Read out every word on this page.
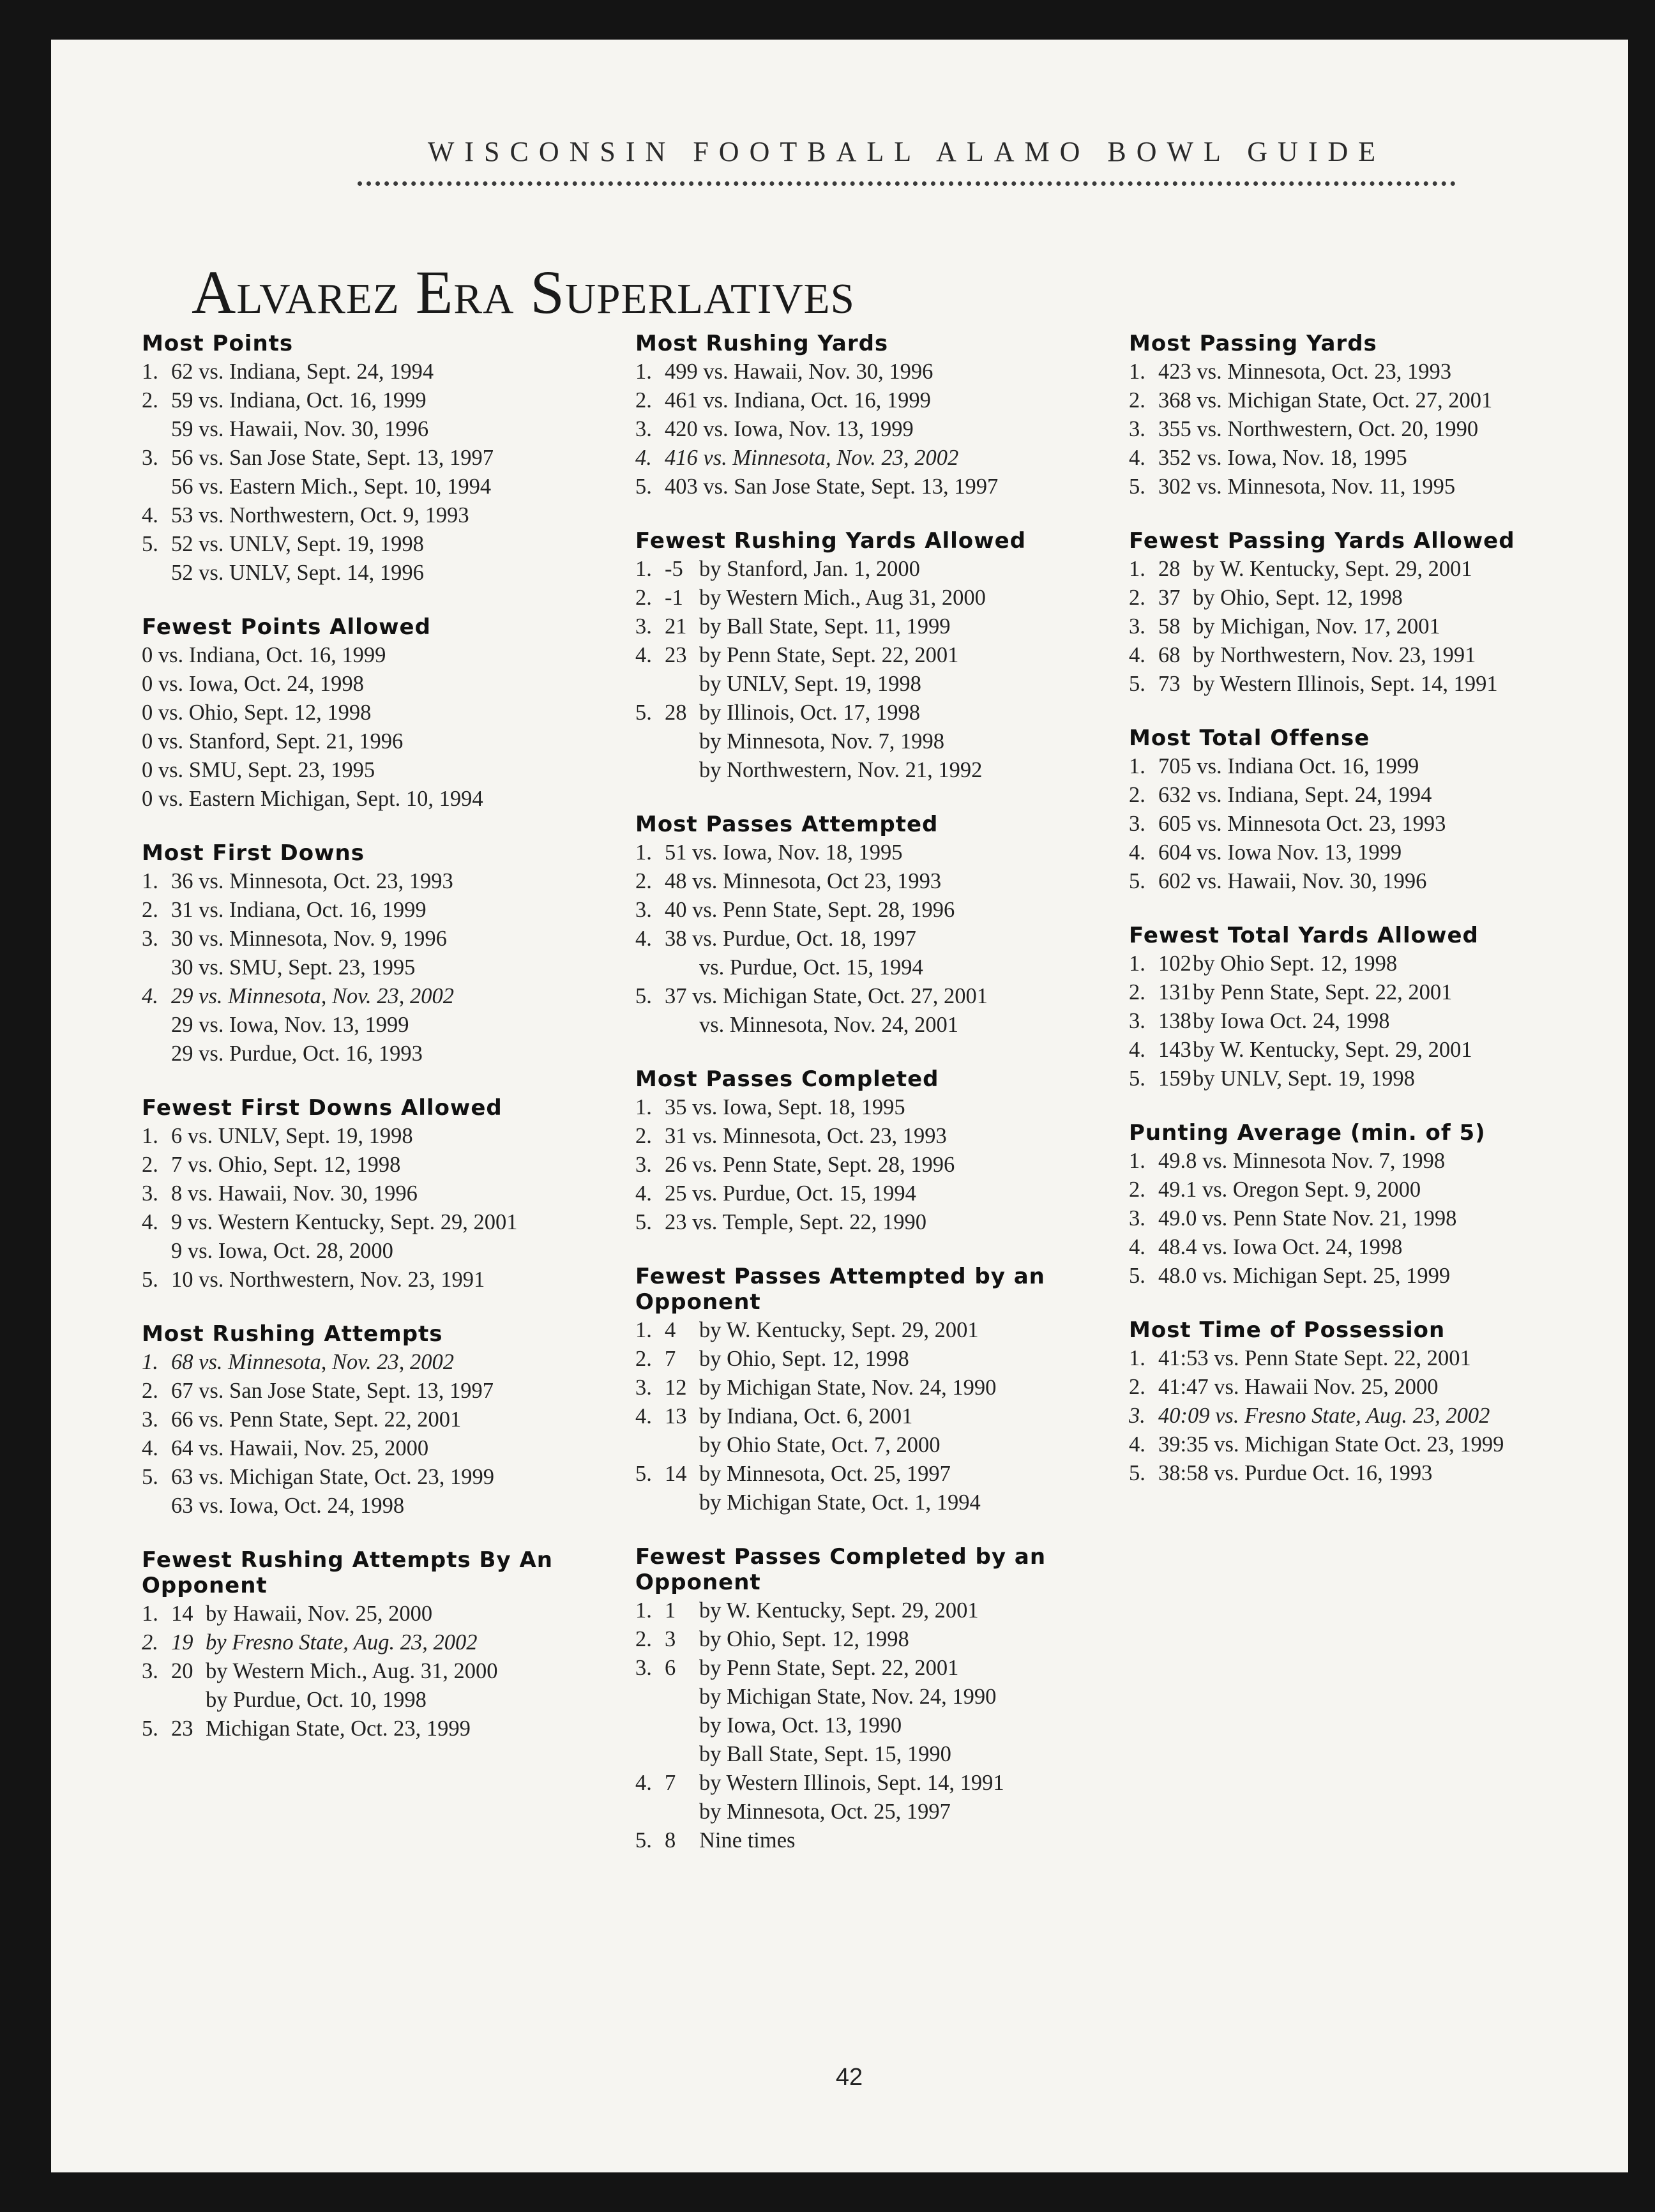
WISCONSIN FOOTBALL ALAMO BOWL GUIDE
Alvarez Era Superlatives
Most Points
1 . 62 vs. Indiana, Sept. 24, 1994
2 . 59 vs. Indiana, Oct. 16, 1999
59 vs. Hawaii, Nov. 30, 1996
3 . 56 vs. San Jose State, Sept. 13, 1997
56 vs. Eastern Mich., Sept. 10, 1994
4 . 53 vs. Northwestern, Oct. 9, 1993
5 . 52 vs. UNLV, Sept. 19, 1998
52 vs. UNLV, Sept. 14, 1996
Fewest Points Allowed
0 vs. Indiana, Oct. 16, 1999
0 vs. Iowa, Oct. 24, 1998
0 vs. Ohio, Sept. 12, 1998
0 vs. Stanford, Sept. 21, 1996
0 vs. SMU, Sept. 23, 1995
0 vs. Eastern Michigan, Sept. 10, 1994
Most First Downs
1 . 36 vs. Minnesota, Oct. 23, 1993
2 . 31 vs. Indiana, Oct. 16, 1999
3 . 30 vs. Minnesota, Nov. 9, 1996
30 vs. SMU, Sept. 23, 1995
4 . 29 vs. Minnesota, Nov. 23, 2002
29 vs. Iowa, Nov. 13, 1999
29 vs. Purdue, Oct. 16, 1993
Fewest First Downs Allowed
1 . 6 vs. UNLV, Sept. 19, 1998
2 . 7 vs. Ohio, Sept. 12, 1998
3 . 8 vs. Hawaii, Nov. 30, 1996
4 . 9 vs. Western Kentucky, Sept. 29, 2001
9 vs. Iowa, Oct. 28, 2000
5 . 10 vs. Northwestern, Nov. 23, 1991
Most Rushing Attempts
1 . 68 vs. Minnesota, Nov. 23, 2002
2 . 67 vs. San Jose State, Sept. 13, 1997
3 . 66 vs. Penn State, Sept. 22, 2001
4 . 64 vs. Hawaii, Nov. 25, 2000
5 . 63 vs. Michigan State, Oct. 23, 1999
63 vs. Iowa, Oct. 24, 1998
Fewest Rushing Attempts By An Opponent
1 . 14 by Hawaii, Nov. 25, 2000
2 . 19 by Fresno State, Aug. 23, 2002
3 . 20 by Western Mich., Aug. 31, 2000
by Purdue, Oct. 10, 1998
5 . 23 Michigan State, Oct. 23, 1999
Most Rushing Yards
1 . 499 vs. Hawaii, Nov. 30, 1996
2 . 461 vs. Indiana, Oct. 16, 1999
3 . 420 vs. Iowa, Nov. 13, 1999
4 . 416 vs. Minnesota, Nov. 23, 2002
5 . 403 vs. San Jose State, Sept. 13, 1997
Fewest Rushing Yards Allowed
1 . -5 by Stanford, Jan. 1, 2000
2 . -1 by Western Mich., Aug 31, 2000
3 . 21 by Ball State, Sept. 11, 1999
4 . 23 by Penn State, Sept. 22, 2001
by UNLV, Sept. 19, 1998
5 . 28 by Illinois, Oct. 17, 1998
by Minnesota, Nov. 7, 1998
by Northwestern, Nov. 21, 1992
Most Passes Attempted
1 . 51 vs. Iowa, Nov. 18, 1995
2 . 48 vs. Minnesota, Oct 23, 1993
3 . 40 vs. Penn State, Sept. 28, 1996
4 . 38 vs. Purdue, Oct. 18, 1997
vs. Purdue, Oct. 15, 1994
5 . 37 vs. Michigan State, Oct. 27, 2001
vs. Minnesota, Nov. 24, 2001
Most Passes Completed
1 . 35 vs. Iowa, Sept. 18, 1995
2 . 31 vs. Minnesota, Oct. 23, 1993
3 . 26 vs. Penn State, Sept. 28, 1996
4 . 25 vs. Purdue, Oct. 15, 1994
5 . 23 vs. Temple, Sept. 22, 1990
Fewest Passes Attempted by an Opponent
1 . 4	by W. Kentucky, Sept. 29, 2001
2 . 7	by Ohio, Sept. 12, 1998
3 . 12 by Michigan State, Nov. 24, 1990
4 . 13 by Indiana, Oct. 6, 2001
by Ohio State, Oct. 7, 2000
5 . 14 by Minnesota, Oct. 25, 1997
by Michigan State, Oct. 1, 1994
Fewest Passes Completed by an Opponent
1 . 1	by W. Kentucky, Sept. 29, 2001
2 . 3	by Ohio, Sept. 12, 1998
3 . 6	by Penn State, Sept. 22, 2001
by Michigan State, Nov. 24, 1990
by Iowa, Oct. 13, 1990
by Ball State, Sept. 15, 1990
4 . 7	by Western Illinois, Sept. 14, 1991
by Minnesota, Oct. 25, 1997
5 . 8	Nine times
Most Passing Yards
1 . 423 vs. Minnesota, Oct. 23, 1993
2 . 368 vs. Michigan State, Oct. 27, 2001
3 . 355 vs. Northwestern, Oct. 20, 1990
4 . 352 vs. Iowa, Nov. 18, 1995
5 . 302 vs. Minnesota, Nov. 11, 1995
Fewest Passing Yards Allowed
1 . 28 by W. Kentucky, Sept. 29, 2001
2 . 37 by Ohio, Sept. 12, 1998
3 . 58 by Michigan, Nov. 17, 2001
4 . 68 by Northwestern, Nov. 23, 1991
5 . 73 by Western Illinois, Sept. 14, 1991
Most Total Offense
1 . 705 vs. Indiana Oct. 16, 1999
2 . 632 vs. Indiana, Sept. 24, 1994
3 . 605 vs. Minnesota Oct. 23, 1993
4 . 604 vs. Iowa Nov. 13, 1999
5 . 602 vs. Hawaii, Nov. 30, 1996
Fewest Total Yards Allowed
1 . 102 by Ohio Sept. 12, 1998
2 . 131 by Penn State, Sept. 22, 2001
3 . 138 by Iowa Oct. 24, 1998
4 . 143 by W. Kentucky, Sept. 29, 2001
5 . 159 by UNLV, Sept. 19, 1998
Punting Average (min. of 5)
1 . 49.8 vs. Minnesota Nov. 7, 1998
2 . 49.1 vs. Oregon Sept. 9, 2000
3 . 49.0 vs. Penn State Nov. 21, 1998
4 . 48.4 vs. Iowa Oct. 24, 1998
5 . 48.0 vs. Michigan Sept. 25, 1999
Most Time of Possession
1 . 41:53 vs. Penn State Sept. 22, 2001
2 . 41:47 vs. Hawaii Nov. 25, 2000
3 . 40:09 vs. Fresno State, Aug. 23, 2002
4 . 39:35 vs. Michigan State Oct. 23, 1999
5 . 38:58 vs. Purdue Oct. 16, 1993
42
